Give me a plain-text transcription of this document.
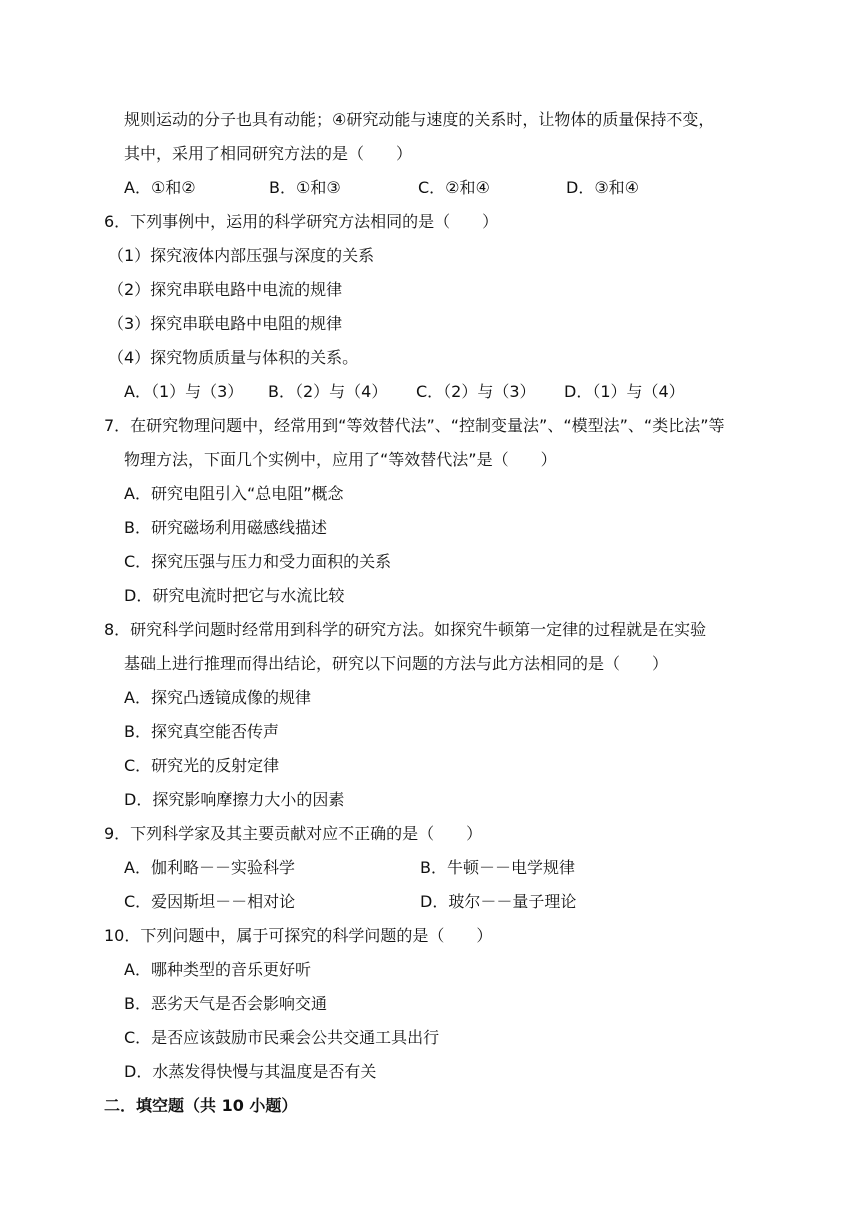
规则运动的分子也具有动能；④研究动能与速度的关系时，让物体的质量保持不变，
其中，采用了相同研究方法的是（　　）
A．①和②	B．①和③	C．②和④	D．③和④
6．下列事例中，运用的科学研究方法相同的是（　　）
（1）探究液体内部压强与深度的关系
（2）探究串联电路中电流的规律
（3）探究串联电路中电阻的规律
（4）探究物质质量与体积的关系。
A．（1）与（3） B．（2）与（4） C．（2）与（3） D．（1）与（4）
7．在研究物理问题中，经常用到“等效替代法”、“控制变量法”、“模型法”、“类比法”等
物理方法，下面几个实例中，应用了“等效替代法”是（　　）
A．研究电阻引入“总电阻”概念
B．研究磁场利用磁感线描述
C．探究压强与压力和受力面积的关系
D．研究电流时把它与水流比较
8．研究科学问题时经常用到科学的研究方法。如探究牛顿第一定律的过程就是在实验
基础上进行推理而得出结论，研究以下问题的方法与此方法相同的是（　　）
A．探究凸透镜成像的规律
B．探究真空能否传声
C．研究光的反射定律
D．探究影响摩擦力大小的因素
9．下列科学家及其主要贡献对应不正确的是（　　）
A．伽利略－－实验科学	B．牛顿－－电学规律
C．爱因斯坦－－相对论	D．玻尔－－量子理论
10．下列问题中，属于可探究的科学问题的是（　　）
A．哪种类型的音乐更好听
B．恶劣天气是否会影响交通
C．是否应该鼓励市民乘会公共交通工具出行
D．水蒸发得快慢与其温度是否有关
二．填空题（共 10 小题）
